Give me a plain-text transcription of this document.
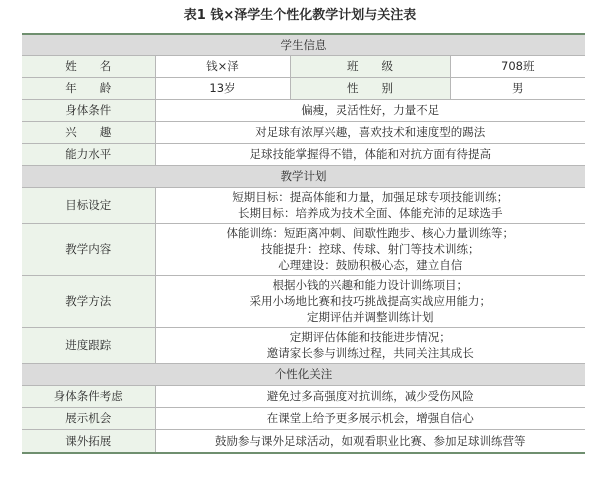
表1 钱×泽学生个性化教学计划与关注表
学生信息			
姓　　名	钱×泽	班　　级	708班
年　　龄	13岁	性　　别	男
身体条件	偏瘦，灵活性好，力量不足		
兴　　趣	对足球有浓厚兴趣，喜欢技术和速度型的踢法		
能力水平	足球技能掌握得不错，体能和对抗方面有待提高		
教学计划			
目标设定	短期目标：提高体能和力量，加强足球专项技能训练；
长期目标：培养成为技术全面、体能充沛的足球选手		

教学内容	体能训练：短距离冲刺、间歇性跑步、核心力量训练等；
技能提升：控球、传球、射门等技术训练；
心理建设：鼓励积极心态，建立自信		

教学方法	根据小钱的兴趣和能力设计训练项目；
采用小场地比赛和技巧挑战提高实战应用能力；
定期评估并调整训练计划		

进度跟踪	定期评估体能和技能进步情况；
邀请家长参与训练过程，共同关注其成长		

个性化关注			
身体条件考虑	避免过多高强度对抗训练，减少受伤风险		
展示机会	在课堂上给予更多展示机会，增强自信心		
课外拓展	鼓励参与课外足球活动，如观看职业比赛、参加足球训练营等		
